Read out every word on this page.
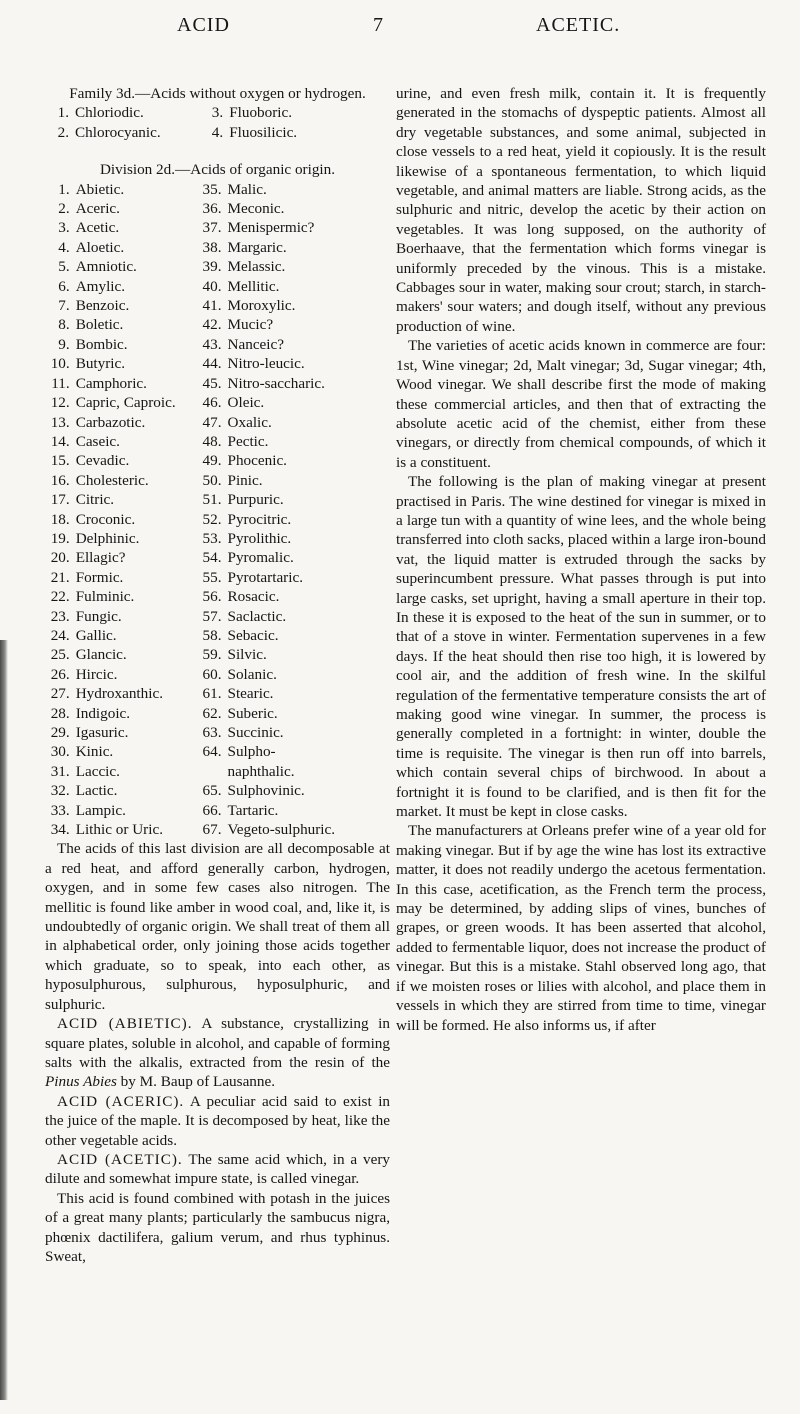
ACID	7	ACETIC.

Family 3d.—Acids without oxygen or hydrogen.

1.	Chloriodic.	3.	Fluoboric.
2.	Chlorocyanic.	4.	Fluosilicic.

Division 2d.—Acids of organic origin.

1.	Abietic.	35.	Malic.
2.	Aceric.	36.	Meconic.
3.	Acetic.	37.	Menispermic?
4.	Aloetic.	38.	Margaric.
5.	Amniotic.	39.	Melassic.
6.	Amylic.	40.	Mellitic.
7.	Benzoic.	41.	Moroxylic.
8.	Boletic.	42.	Mucic?
9.	Bombic.	43.	Nanceic?
10.	Butyric.	44.	Nitro-leucic.
11.	Camphoric.	45.	Nitro-saccharic.
12.	Capric, Caproic.	46.	Oleic.
13.	Carbazotic.	47.	Oxalic.
14.	Caseic.	48.	Pectic.
15.	Cevadic.	49.	Phocenic.
16.	Cholesteric.	50.	Pinic.
17.	Citric.	51.	Purpuric.
18.	Croconic.	52.	Pyrocitric.
19.	Delphinic.	53.	Pyrolithic.
20.	Ellagic?	54.	Pyromalic.
21.	Formic.	55.	Pyrotartaric.
22.	Fulminic.	56.	Rosacic.
23.	Fungic.	57.	Saclactic.
24.	Gallic.	58.	Sebacic.
25.	Glancic.	59.	Silvic.
26.	Hircic.	60.	Solanic.
27.	Hydroxanthic.	61.	Stearic.
28.	Indigoic.	62.	Suberic.
29.	Igasuric.	63.	Succinic.
30.	Kinic.	64.	Sulpho-
31.	Laccic.		naphthalic.
32.	Lactic.	65.	Sulphovinic.
33.	Lampic.	66.	Tartaric.
34.	Lithic or Uric.	67.	Vegeto-sulphuric.

The acids of this last division are all decomposable at a red heat, and afford generally carbon, hydrogen, oxygen, and in some few cases also nitrogen. The mellitic is found like amber in wood coal, and, like it, is undoubtedly of organic origin. We shall treat of them all in alphabetical order, only joining those acids together which graduate, so to speak, into each other, as hyposulphurous, sulphurous, hyposulphuric, and sulphuric.

ACID (ABIETIC). A substance, crystallizing in square plates, soluble in alcohol, and capable of forming salts with the alkalis, extracted from the resin of the Pinus Abies by M. Baup of Lausanne.

ACID (ACERIC). A peculiar acid said to exist in the juice of the maple. It is decomposed by heat, like the other vegetable acids.

ACID (ACETIC). The same acid which, in a very dilute and somewhat impure state, is called vinegar.

This acid is found combined with potash in the juices of a great many plants; particularly the sambucus nigra, phœnix dactilifera, galium verum, and rhus typhinus. Sweat,

urine, and even fresh milk, contain it. It is frequently generated in the stomachs of dyspeptic patients. Almost all dry vegetable substances, and some animal, subjected in close vessels to a red heat, yield it copiously. It is the result likewise of a spontaneous fermentation, to which liquid vegetable, and animal matters are liable. Strong acids, as the sulphuric and nitric, develop the acetic by their action on vegetables. It was long supposed, on the authority of Boerhaave, that the fermentation which forms vinegar is uniformly preceded by the vinous. This is a mistake. Cabbages sour in water, making sour crout; starch, in starch-makers' sour waters; and dough itself, without any previous production of wine.

The varieties of acetic acids known in commerce are four: 1st, Wine vinegar; 2d, Malt vinegar; 3d, Sugar vinegar; 4th, Wood vinegar. We shall describe first the mode of making these commercial articles, and then that of extracting the absolute acetic acid of the chemist, either from these vinegars, or directly from chemical compounds, of which it is a constituent.

The following is the plan of making vinegar at present practised in Paris. The wine destined for vinegar is mixed in a large tun with a quantity of wine lees, and the whole being transferred into cloth sacks, placed within a large iron-bound vat, the liquid matter is extruded through the sacks by superincumbent pressure. What passes through is put into large casks, set upright, having a small aperture in their top. In these it is exposed to the heat of the sun in summer, or to that of a stove in winter. Fermentation supervenes in a few days. If the heat should then rise too high, it is lowered by cool air, and the addition of fresh wine. In the skilful regulation of the fermentative temperature consists the art of making good wine vinegar. In summer, the process is generally completed in a fortnight: in winter, double the time is requisite. The vinegar is then run off into barrels, which contain several chips of birchwood. In about a fortnight it is found to be clarified, and is then fit for the market. It must be kept in close casks.

The manufacturers at Orleans prefer wine of a year old for making vinegar. But if by age the wine has lost its extractive matter, it does not readily undergo the acetous fermentation. In this case, acetification, as the French term the process, may be determined, by adding slips of vines, bunches of grapes, or green woods. It has been asserted that alcohol, added to fermentable liquor, does not increase the product of vinegar. But this is a mistake. Stahl observed long ago, that if we moisten roses or lilies with alcohol, and place them in vessels in which they are stirred from time to time, vinegar will be formed. He also informs us, if after
